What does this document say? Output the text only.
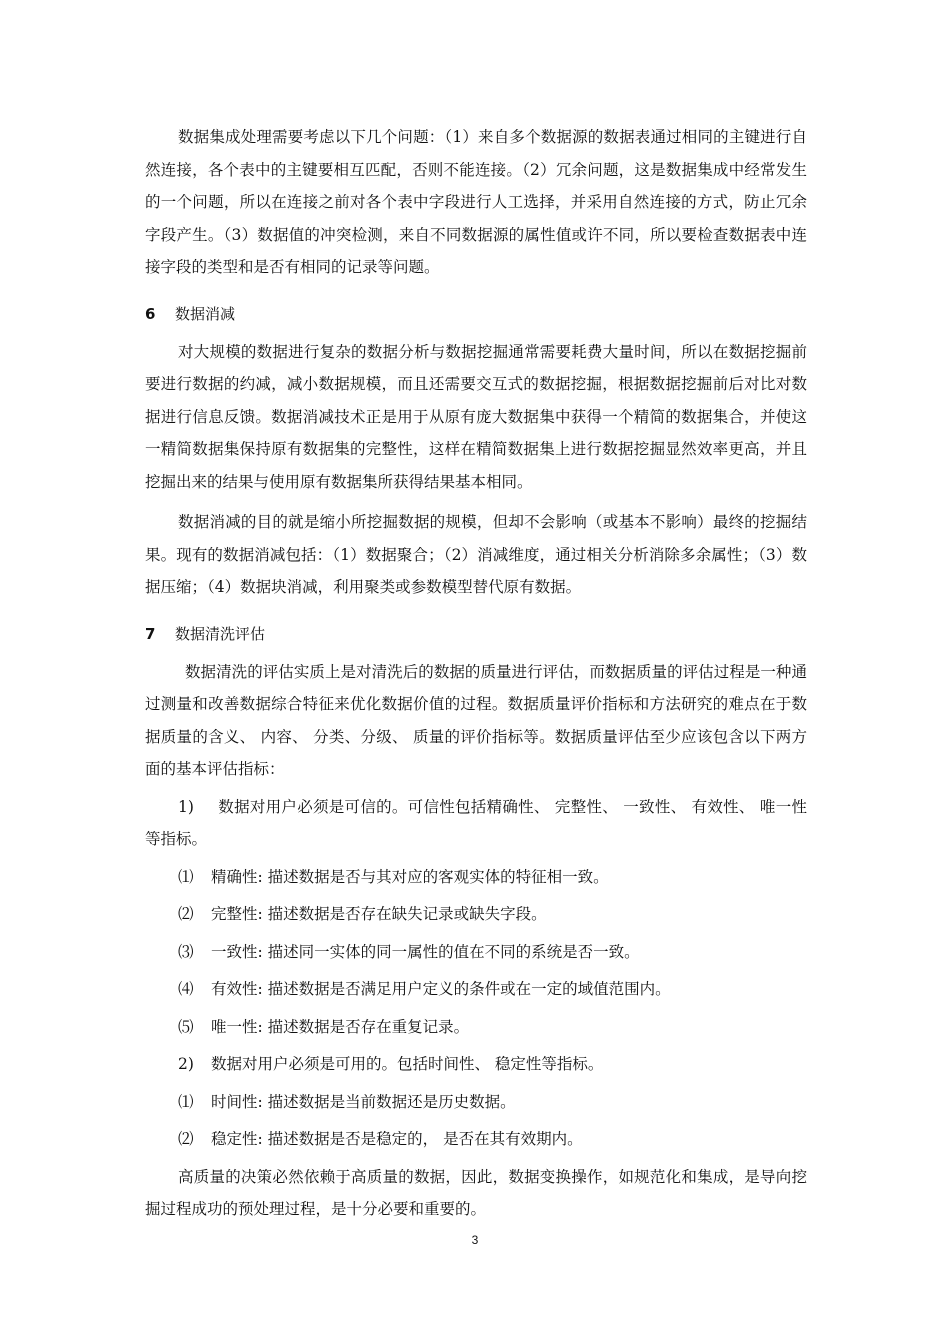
数据集成处理需要考虑以下几个问题：（1）来自多个数据源的数据表通过相同的主键进行自然连接，各个表中的主键要相互匹配，否则不能连接。（2）冗余问题，这是数据集成中经常发生的一个问题，所以在连接之前对各个表中字段进行人工选择，并采用自然连接的方式，防止冗余字段产生。（3）数据值的冲突检测，来自不同数据源的属性值或许不同，所以要检查数据表中连接字段的类型和是否有相同的记录等问题。

6	数据消减

对大规模的数据进行复杂的数据分析与数据挖掘通常需要耗费大量时间，所以在数据挖掘前要进行数据的约减，减小数据规模，而且还需要交互式的数据挖掘，根据数据挖掘前后对比对数据进行信息反馈。数据消减技术正是用于从原有庞大数据集中获得一个精简的数据集合，并使这一精简数据集保持原有数据集的完整性，这样在精简数据集上进行数据挖掘显然效率更高，并且挖掘出来的结果与使用原有数据集所获得结果基本相同。

数据消减的目的就是缩小所挖掘数据的规模，但却不会影响（或基本不影响）最终的挖掘结果。现有的数据消减包括：（1）数据聚合；（2）消减维度，通过相关分析消除多余属性；（3）数据压缩；（4）数据块消减，利用聚类或参数模型替代原有数据。

7	数据清洗评估

数据清洗的评估实质上是对清洗后的数据的质量进行评估，而数据质量的评估过程是一种通过测量和改善数据综合特征来优化数据价值的过程。数据质量评价指标和方法研究的难点在于数据质量的含义、 内容、 分类、分级、 质量的评价指标等。数据质量评估至少应该包含以下两方面的基本评估指标：

1) 数据对用户必须是可信的。可信性包括精确性、 完整性、 一致性、 有效性、 唯一性等指标。

⑴ 精确性: 描述数据是否与其对应的客观实体的特征相一致。

⑵ 完整性: 描述数据是否存在缺失记录或缺失字段。

⑶ 一致性: 描述同一实体的同一属性的值在不同的系统是否一致。

⑷ 有效性: 描述数据是否满足用户定义的条件或在一定的域值范围内。

⑸ 唯一性: 描述数据是否存在重复记录。

2) 数据对用户必须是可用的。包括时间性、 稳定性等指标。

⑴ 时间性: 描述数据是当前数据还是历史数据。

⑵ 稳定性: 描述数据是否是稳定的， 是否在其有效期内。

高质量的决策必然依赖于高质量的数据，因此，数据变换操作，如规范化和集成，是导向挖掘过程成功的预处理过程，是十分必要和重要的。

3
